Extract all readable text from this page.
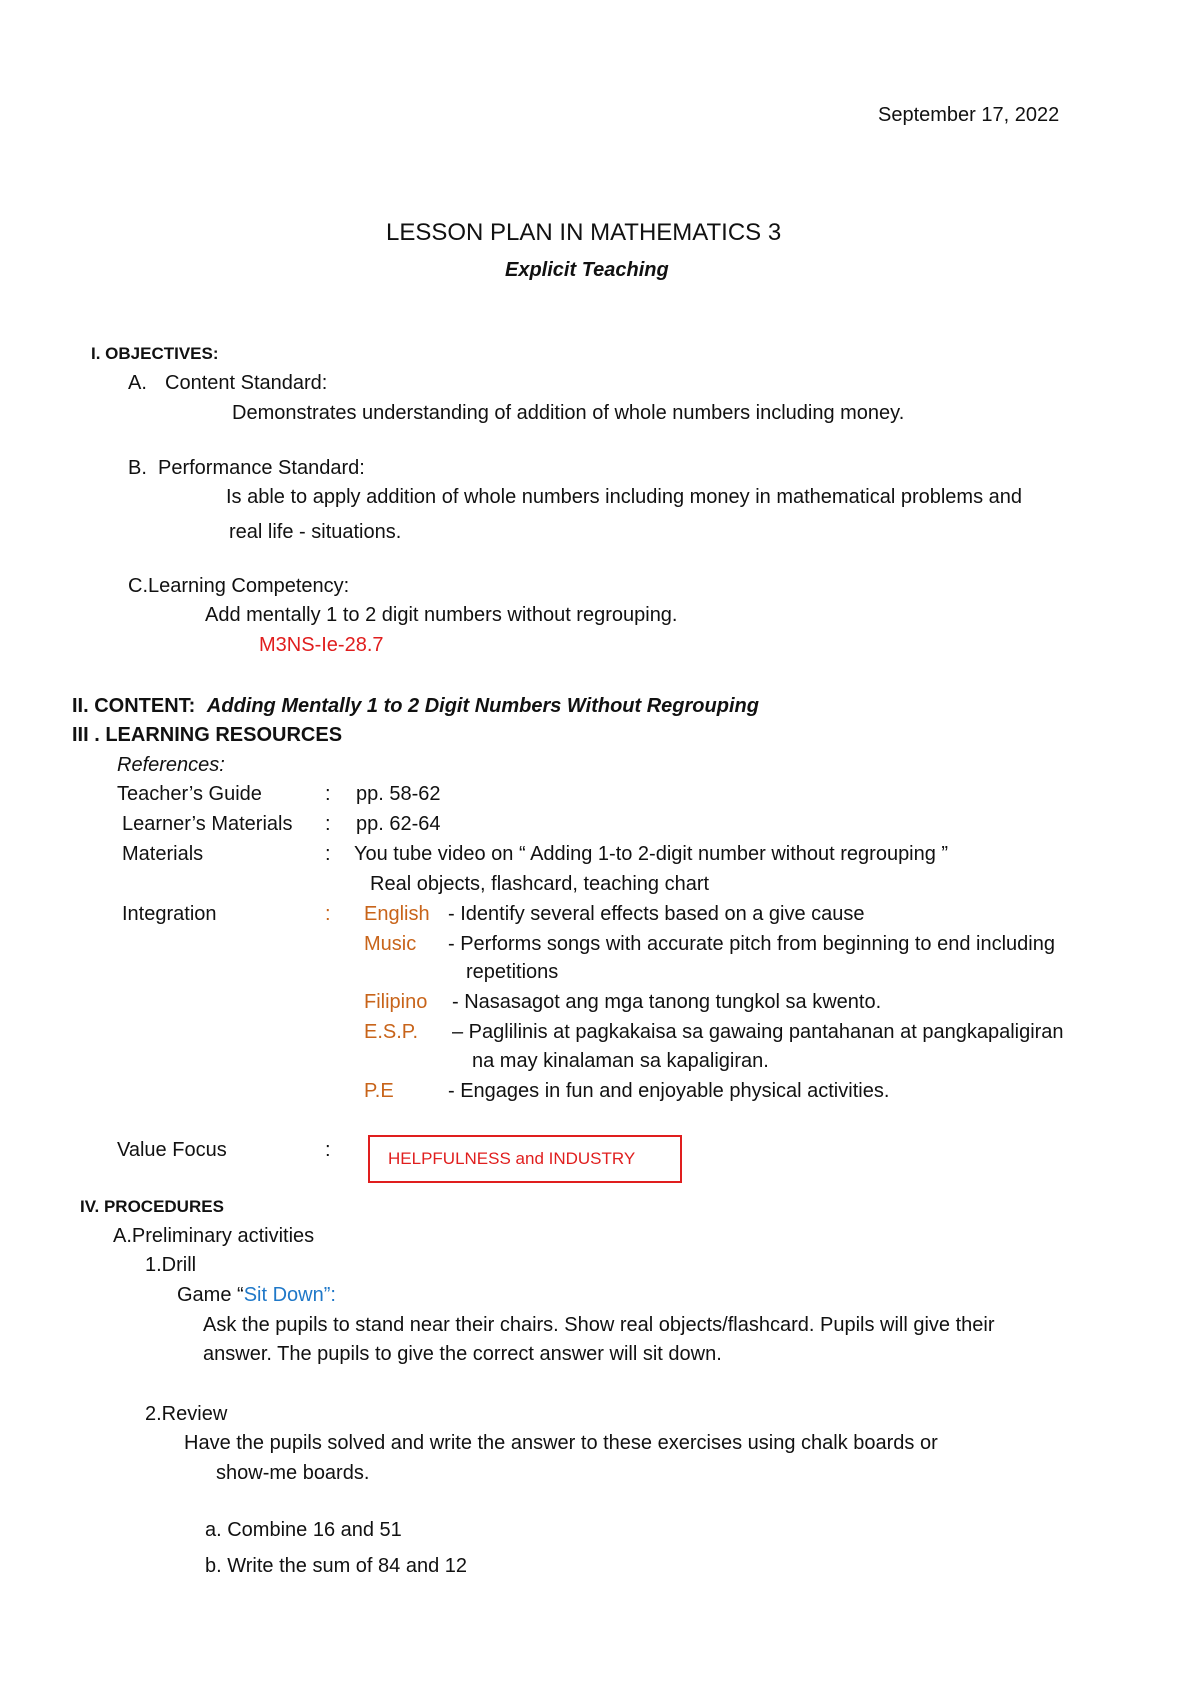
September 17, 2022
LESSON PLAN IN MATHEMATICS 3
Explicit Teaching
I. OBJECTIVES:
A. Content Standard:
Demonstrates understanding of addition of whole numbers including money.
B. Performance Standard:
Is able to apply addition of whole numbers including money in mathematical problems and
real life - situations.
C.Learning Competency:
Add mentally 1 to 2 digit numbers without regrouping.
M3NS-Ie-28.7
II. CONTENT: Adding Mentally 1 to 2 Digit Numbers Without Regrouping
III . LEARNING RESOURCES
References:
Teacher’s Guide	: pp. 58-62
Learner’s Materials : pp. 62-64
Materials	: You tube video on “ Adding 1-to 2-digit number without regrouping ”
Real objects, flashcard, teaching chart
Integration	: English - Identify several effects based on a give cause
Music - Performs songs with accurate pitch from beginning to end including
repetitions
Filipino - Nasasagot ang mga tanong tungkol sa kwento.
E.S.P. – Paglilinis at pagkakaisa sa gawaing pantahanan at pangkapaligiran
na may kinalaman sa kapaligiran.
P.E	- Engages in fun and enjoyable physical activities.
Value Focus	:	HELPFULNESS and INDUSTRY
IV. PROCEDURES
A.Preliminary activities
1.Drill
Game “Sit Down”:
Ask the pupils to stand near their chairs. Show real objects/flashcard. Pupils will give their
answer. The pupils to give the correct answer will sit down.
2.Review
Have the pupils solved and write the answer to these exercises using chalk boards or
show-me boards.
a. Combine 16 and 51
b. Write the sum of 84 and 12
